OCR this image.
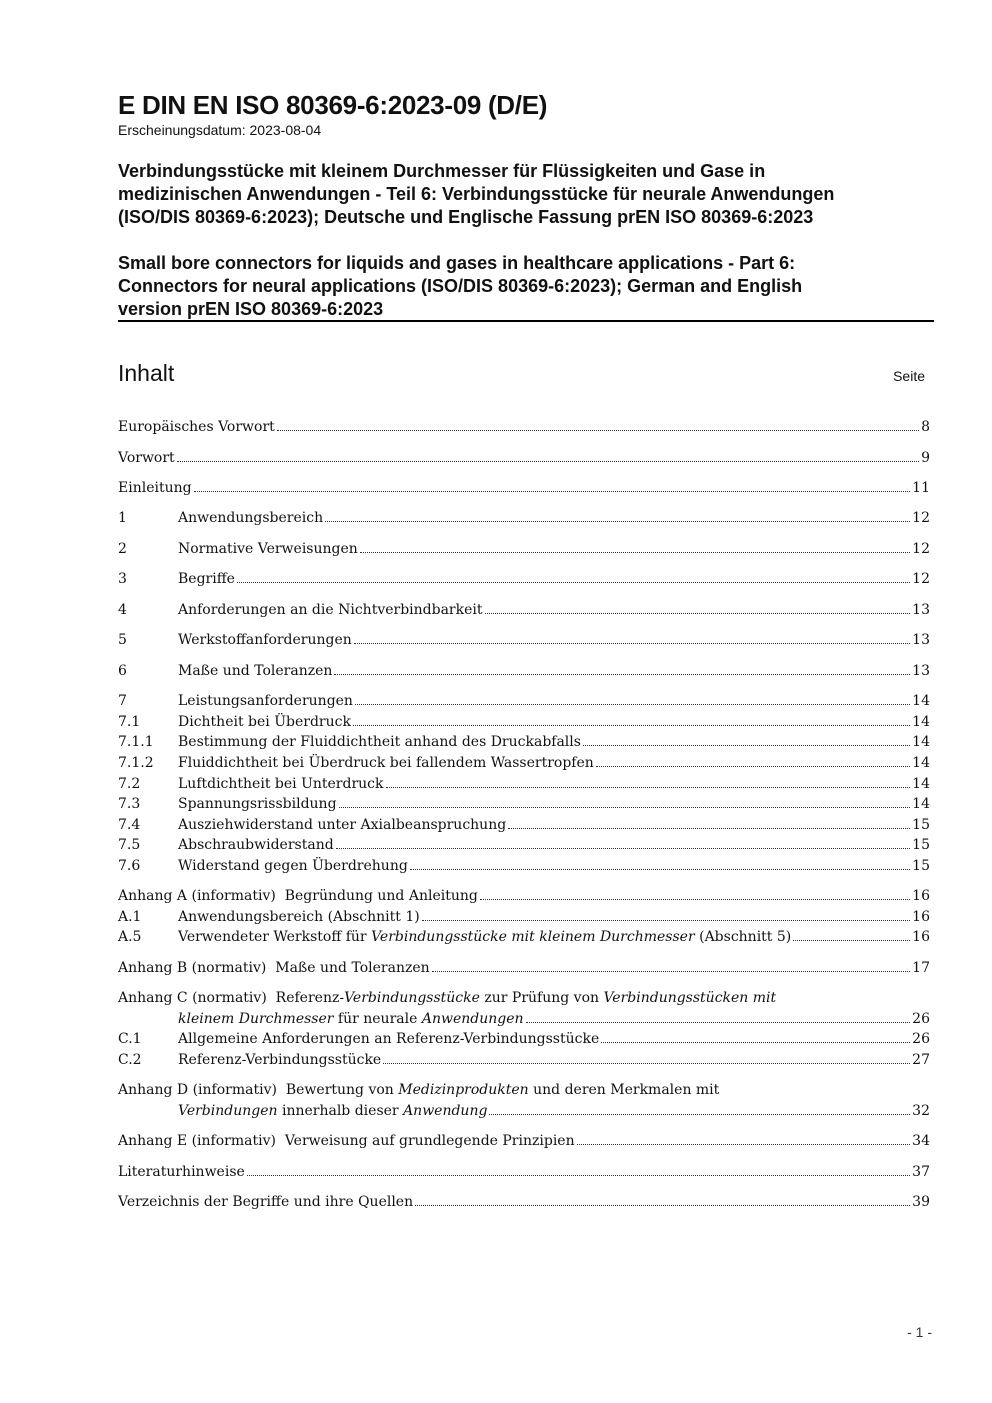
E DIN EN ISO 80369-6:2023-09 (D/E)
Erscheinungsdatum: 2023-08-04
Verbindungsstücke mit kleinem Durchmesser für Flüssigkeiten und Gase in
medizinischen Anwendungen - Teil 6: Verbindungsstücke für neurale Anwendungen
(ISO/DIS 80369-6:2023); Deutsche und Englische Fassung prEN ISO 80369-6:2023
Small bore connectors for liquids and gases in healthcare applications - Part 6:
Connectors for neural applications (ISO/DIS 80369-6:2023); German and English
version prEN ISO 80369-6:2023
Inhalt	Seite
Europäisches Vorwort	8
Vorwort	9
Einleitung	11
1	Anwendungsbereich	12
2	Normative Verweisungen	12
3	Begriffe	12
4	Anforderungen an die Nichtverbindbarkeit	13
5	Werkstoffanforderungen	13
6	Maße und Toleranzen	13
7	Leistungsanforderungen	14
7.1	Dichtheit bei Überdruck	14
7.1.1	Bestimmung der Fluiddichtheit anhand des Druckabfalls	14
7.1.2	Fluiddichtheit bei Überdruck bei fallendem Wassertropfen	14
7.2	Luftdichtheit bei Unterdruck	14
7.3	Spannungsrissbildung	14
7.4	Ausziehwiderstand unter Axialbeanspruchung	15
7.5	Abschraubwiderstand	15
7.6	Widerstand gegen Überdrehung	15
Anhang A (informativ)  Begründung und Anleitung	16
A.1	Anwendungsbereich (Abschnitt 1)	16
A.5	Verwendeter Werkstoff für Verbindungsstücke mit kleinem Durchmesser (Abschnitt 5)	16
Anhang B (normativ)  Maße und Toleranzen	17
Anhang C (normativ)  Referenz-Verbindungsstücke zur Prüfung von Verbindungsstücken mit
kleinem Durchmesser für neurale Anwendungen	26
C.1	Allgemeine Anforderungen an Referenz-Verbindungsstücke	26
C.2	Referenz-Verbindungsstücke	27
Anhang D (informativ)  Bewertung von Medizinprodukten und deren Merkmalen mit
Verbindungen innerhalb dieser Anwendung	32
Anhang E (informativ)  Verweisung auf grundlegende Prinzipien	34
Literaturhinweise	37
Verzeichnis der Begriffe und ihre Quellen	39
- 1 -
